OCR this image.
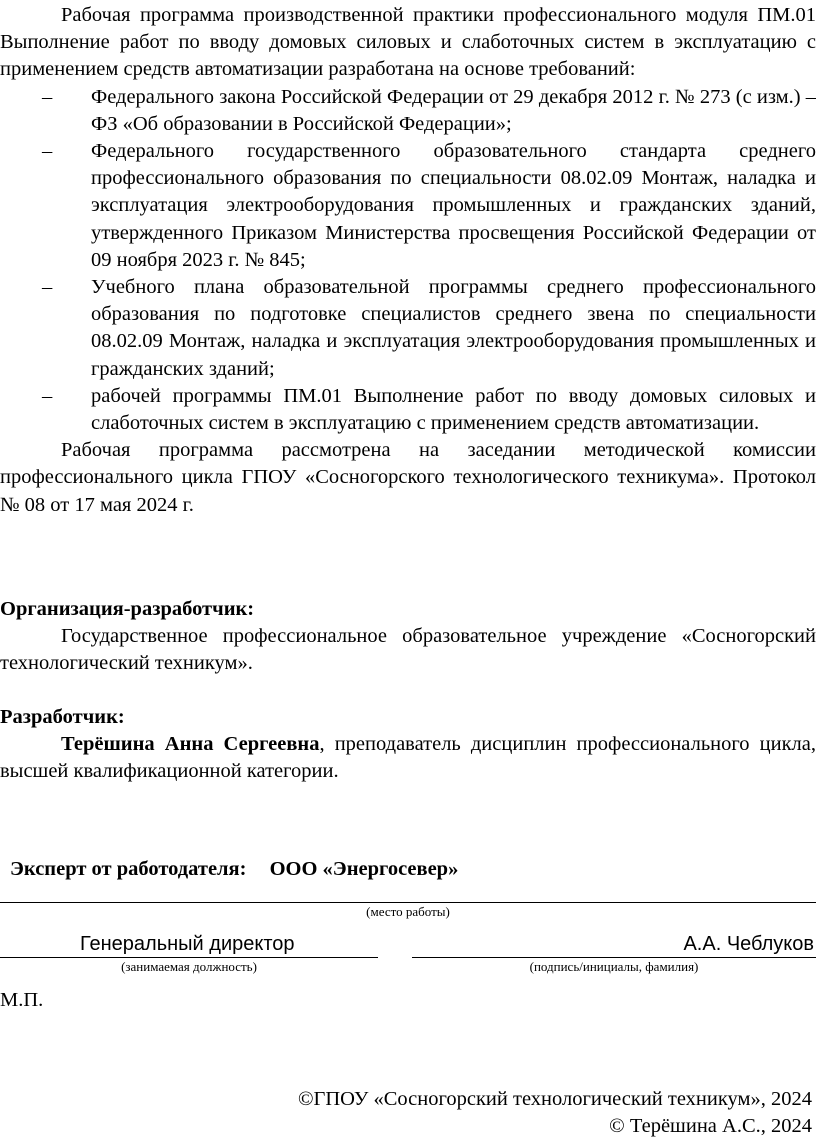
Рабочая программа производственной практики профессионального модуля ПМ.01 Выполнение работ по вводу домовых силовых и слаботочных систем в эксплуатацию с применением средств автоматизации разработана на основе требований:

– Федерального закона Российской Федерации от 29 декабря 2012 г. № 273 (с изм.) – ФЗ «Об образовании в Российской Федерации»;
– Федерального государственного образовательного стандарта среднего профессионального образования по специальности 08.02.09 Монтаж, наладка и эксплуатация электрооборудования промышленных и гражданских зданий, утвержденного Приказом Министерства просвещения Российской Федерации от 09 ноября 2023 г. № 845;
– Учебного плана образовательной программы среднего профессионального образования по подготовке специалистов среднего звена по специальности 08.02.09 Монтаж, наладка и эксплуатация электрооборудования промышленных и гражданских зданий;
– рабочей программы ПМ.01 Выполнение работ по вводу домовых силовых и слаботочных систем в эксплуатацию с применением средств автоматизации.

Рабочая программа рассмотрена на заседании методической комиссии профессионального цикла ГПОУ «Сосногорского технологического техникума». Протокол № 08 от 17 мая 2024 г.

Организация-разработчик:

Государственное профессиональное образовательное учреждение «Сосногорский технологический техникум».

Разработчик:

Терёшина Анна Сергеевна, преподаватель дисциплин профессионального цикла, высшей квалификационной категории.

Эксперт от работодателя: ООО «Энергосевер»
(место работы)
Генеральный директор
(занимаемая должность)
А.А. Чеблуков
(подпись/инициалы, фамилия)
М.П.
©ГПОУ «Сосногорский технологический техникум», 2024
© Терёшина А.С., 2024
